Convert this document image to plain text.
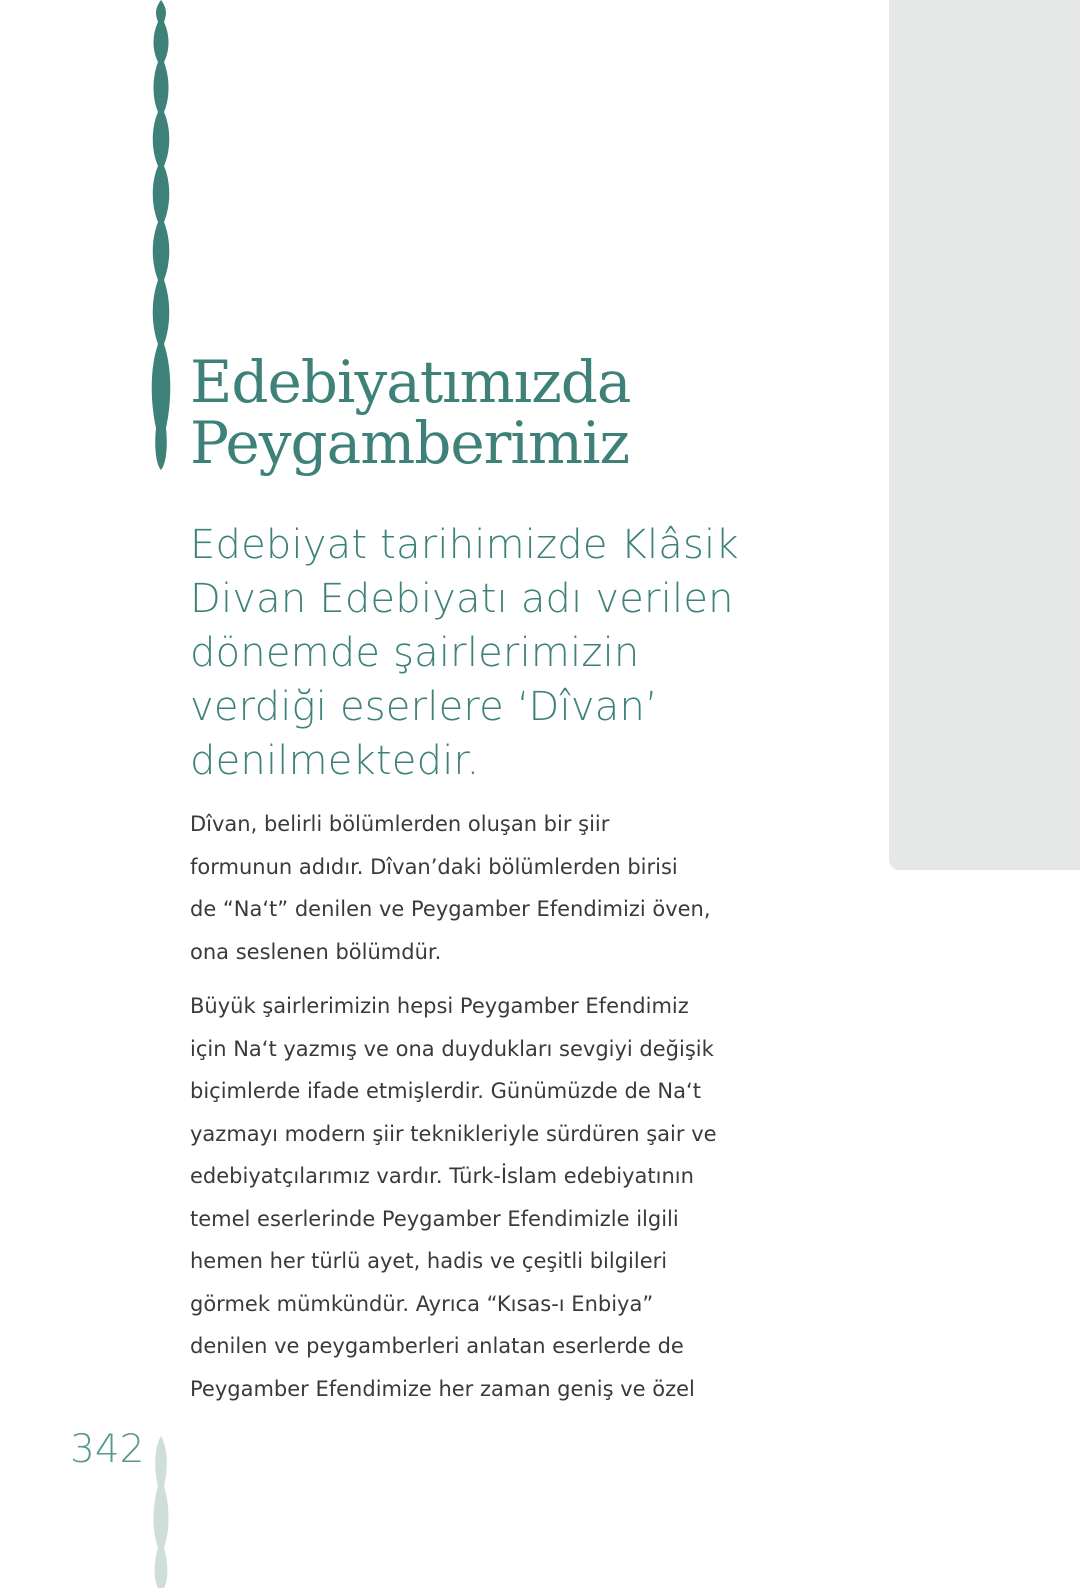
Edebiyatımızda
Peygamberimiz

Edebiyat tarihimizde Klâsik
Divan Edebiyatı adı verilen
dönemde şairlerimizin
verdiği eserlere ‘Dîvan’
denilmektedir.

Dîvan, belirli bölümlerden oluşan bir şiir
formunun adıdır. Dîvan’daki bölümlerden birisi
de “Na‘t” denilen ve Peygamber Efendimizi öven,
ona seslenen bölümdür.

Büyük şairlerimizin hepsi Peygamber Efendimiz
için Na‘t yazmış ve ona duydukları sevgiyi değişik
biçimlerde ifade etmişlerdir. Günümüzde de Na‘t
yazmayı modern şiir teknikleriyle sürdüren şair ve
edebiyatçılarımız vardır. Türk-İslam edebiyatının
temel eserlerinde Peygamber Efendimizle ilgili
hemen her türlü ayet, hadis ve çeşitli bilgileri
görmek mümkündür. Ayrıca “Kısas-ı Enbiya”
denilen ve peygamberleri anlatan eserlerde de
Peygamber Efendimize her zaman geniş ve özel

342
